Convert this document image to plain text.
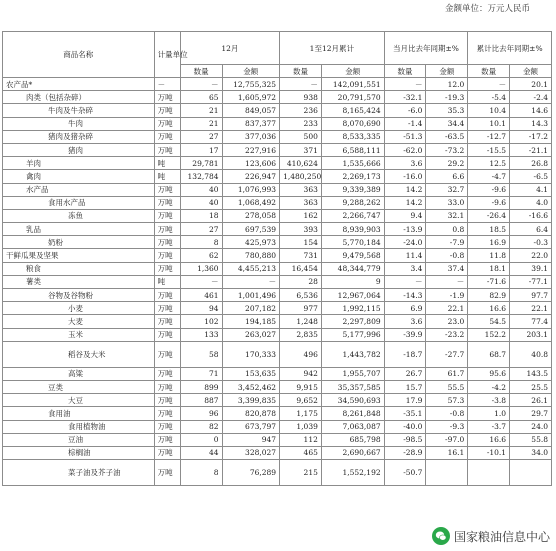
金额单位：万元人民币
商品名称	计量单位	12月		1至12月累计		当月比去年同期±%		累计比去年同期±%	
		数量	金额	数量	金额	数量	金额	数量	金额
农产品*	－	－	12,755,325	－	142,091,551	－	12.0	－	20.1
肉类（包括杂碎）	万吨	65	1,605,972	938	20,791,570	-32.1	-19.3	-5.4	-2.4
牛肉及牛杂碎	万吨	21	849,057	236	8,165,424	-6.0	35.3	10.4	14.6
牛肉	万吨	21	837,377	233	8,070,690	-1.4	34.4	10.1	14.3
猪肉及猪杂碎	万吨	27	377,036	500	8,533,335	-51.3	-63.5	-12.7	-17.2
猪肉	万吨	17	227,916	371	6,588,111	-62.0	-73.2	-15.5	-21.1
羊肉	吨	29,781	123,606	410,624	1,535,666	3.6	29.2	12.5	26.8
禽肉	吨	132,784	226,947	1,480,250	2,269,173	-16.0	6.6	-4.7	-6.5
水产品	万吨	40	1,076,993	363	9,339,389	14.2	32.7	-9.6	4.1
食用水产品	万吨	40	1,068,492	363	9,288,262	14.2	33.0	-9.6	4.0
冻鱼	万吨	18	278,058	162	2,266,747	9.4	32.1	-26.4	-16.6
乳品	万吨	27	697,539	393	8,939,903	-13.9	0.8	18.5	6.4
奶粉	万吨	8	425,973	154	5,770,184	-24.0	-7.9	16.9	-0.3
干鲜瓜果及坚果	万吨	62	780,880	731	9,479,568	11.4	-0.8	11.8	22.0
粮食	万吨	1,360	4,455,213	16,454	48,344,779	3.4	37.4	18.1	39.1
薯类	吨	－	－	28	9	－	－	-71.6	-77.1
谷物及谷物粉	万吨	461	1,001,496	6,536	12,967,064	-14.3	-1.9	82.9	97.7
小麦	万吨	94	207,182	977	1,992,115	6.9	22.1	16.6	22.1
大麦	万吨	102	194,185	1,248	2,297,809	3.6	23.0	54.5	77.4
玉米	万吨	133	263,027	2,835	5,177,996	-39.9	-23.2	152.2	203.1
稻谷及大米	万吨	58	170,333	496	1,443,782	-18.7	-27.7	68.7	40.8
高粱	万吨	71	153,635	942	1,955,707	26.7	61.7	95.6	143.5
豆类	万吨	899	3,452,462	9,915	35,357,585	15.7	55.5	-4.2	25.5
大豆	万吨	887	3,399,835	9,652	34,590,693	17.9	57.3	-3.8	26.1
食用油	万吨	96	820,878	1,175	8,261,848	-35.1	-0.8	1.0	29.7
食用植物油	万吨	82	673,797	1,039	7,063,087	-40.0	-9.3	-3.7	24.0
豆油	万吨	0	947	112	685,798	-98.5	-97.0	16.6	55.8
棕榈油	万吨	44	328,027	465	2,690,667	-28.9	16.1	-10.1	34.0
菜子油及芥子油	万吨	8	76,289	215	1,552,192	-50.7			
国家粮油信息中心
